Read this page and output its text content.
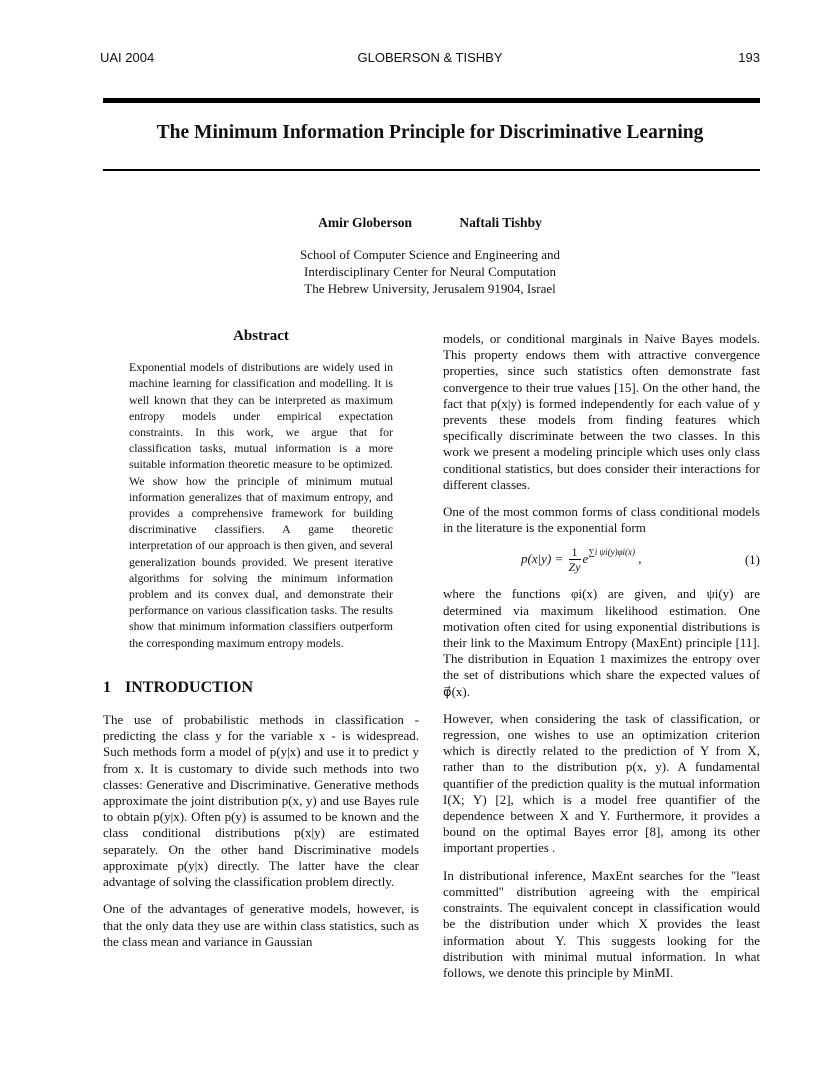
UAI 2004	GLOBERSON & TISHBY	193
The Minimum Information Principle for Discriminative Learning
Amir Globerson	Naftali Tishby
School of Computer Science and Engineering and
Interdisciplinary Center for Neural Computation
The Hebrew University, Jerusalem 91904, Israel
Abstract
Exponential models of distributions are widely used in machine learning for classification and modelling. It is well known that they can be interpreted as maximum entropy models under empirical expectation constraints. In this work, we argue that for classification tasks, mutual information is a more suitable information theoretic measure to be optimized. We show how the principle of minimum mutual information generalizes that of maximum entropy, and provides a comprehensive framework for building discriminative classifiers. A game theoretic interpretation of our approach is then given, and several generalization bounds provided. We present iterative algorithms for solving the minimum information problem and its convex dual, and demonstrate their performance on various classification tasks. The results show that minimum information classifiers outperform the corresponding maximum entropy models.
1 INTRODUCTION

The use of probabilistic methods in classification - predicting the class y for the variable x - is widespread. Such methods form a model of p(y|x) and use it to predict y from x. It is customary to divide such methods into two classes: Generative and Discriminative. Generative methods approximate the joint distribution p(x, y) and use Bayes rule to obtain p(y|x). Often p(y) is assumed to be known and the class conditional distributions p(x|y) are estimated separately. On the other hand Discriminative models approximate p(y|x) directly. The latter have the clear advantage of solving the classification problem directly.

One of the advantages of generative models, however, is that the only data they use are within class statistics, such as the class mean and variance in Gaussian

models, or conditional marginals in Naive Bayes models. This property endows them with attractive convergence properties, since such statistics often demonstrate fast convergence to their true values [15]. On the other hand, the fact that p(x|y) is formed independently for each value of y prevents these models from finding features which specifically discriminate between the two classes. In this work we present a modeling principle which uses only class conditional statistics, but does consider their interactions for different classes.

One of the most common forms of class conditional models in the literature is the exponential form

$p(x|y) = \frac{1}{Zy} e^{\sum i \psi i(y)\varphi i(x)}$ ,	(1)

where the functions φi(x) are given, and ψi(y) are determined via maximum likelihood estimation. One motivation often cited for using exponential distributions is their link to the Maximum Entropy (MaxEnt) principle [11]. The distribution in Equation 1 maximizes the entropy over the set of distributions which share the expected values of φ⃗(x).

However, when considering the task of classification, or regression, one wishes to use an optimization criterion which is directly related to the prediction of Y from X, rather than to the distribution p(x, y). A fundamental quantifier of the prediction quality is the mutual information I(X; Y) [2], which is a model free quantifier of the dependence between X and Y. Furthermore, it provides a bound on the optimal Bayes error [8], among its other important properties .

In distributional inference, MaxEnt searches for the "least committed" distribution agreeing with the empirical constraints. The equivalent concept in classification would be the distribution under which X provides the least information about Y. This suggests looking for the distribution with minimal mutual information. In what follows, we denote this principle by MinMI.
